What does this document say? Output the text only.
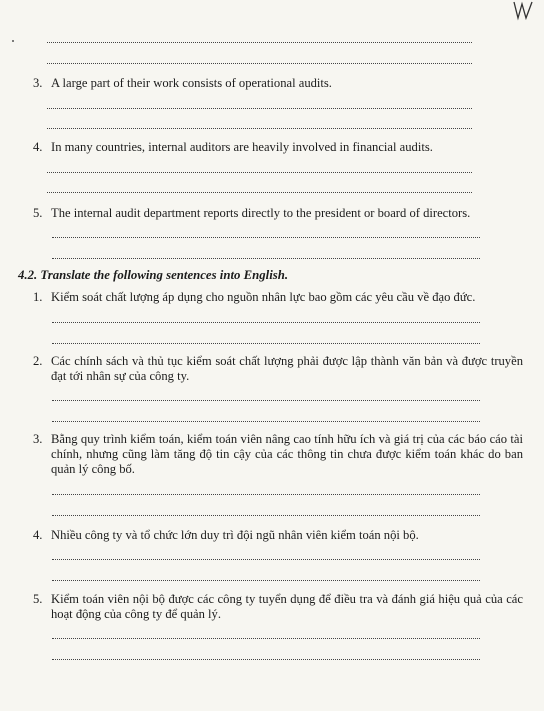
3. A large part of their work consists of operational audits.
4. In many countries, internal auditors are heavily involved in financial audits.
5. The internal audit department reports directly to the president or board of directors.
4.2. Translate the following sentences into English.
1. Kiểm soát chất lượng áp dụng cho nguồn nhân lực bao gồm các yêu cầu về đạo đức.
2. Các chính sách và thủ tục kiểm soát chất lượng phải được lập thành văn bản và được truyền đạt tới nhân sự của công ty.
3. Bằng quy trình kiểm toán, kiểm toán viên nâng cao tính hữu ích và giá trị của các báo cáo tài chính, nhưng cũng làm tăng độ tin cậy của các thông tin chưa được kiểm toán khác do ban quản lý công bố.
4. Nhiều công ty và tổ chức lớn duy trì đội ngũ nhân viên kiểm toán nội bộ.
5. Kiểm toán viên nội bộ được các công ty tuyển dụng để điều tra và đánh giá hiệu quả của các hoạt động của công ty để quản lý.
